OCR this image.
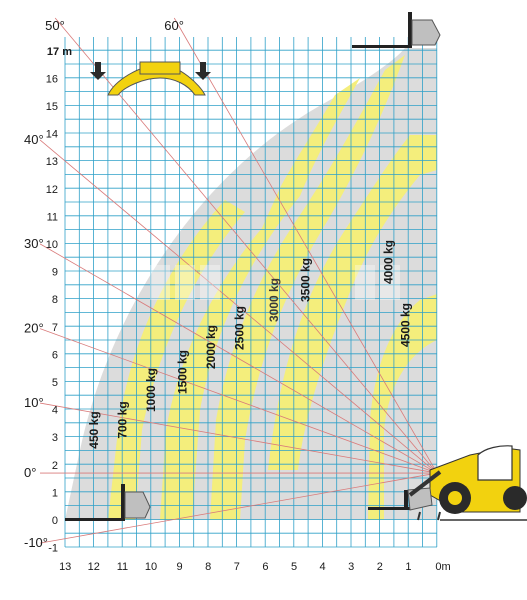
13 12 11 10 9 8 7 6 5 4 3 2 1 0m
-1
0
1
2
3
4
5
6
7
8
9
10
11
12
13
14
15
16
17 m
-10°
0°
10°
20°
30°
40°
50°	60°
450 kg 700 kg
1000 kg 1500 kg
2000 kg 2500 kg
3000 kg 3500 kg	4000 kg
4500 kg
